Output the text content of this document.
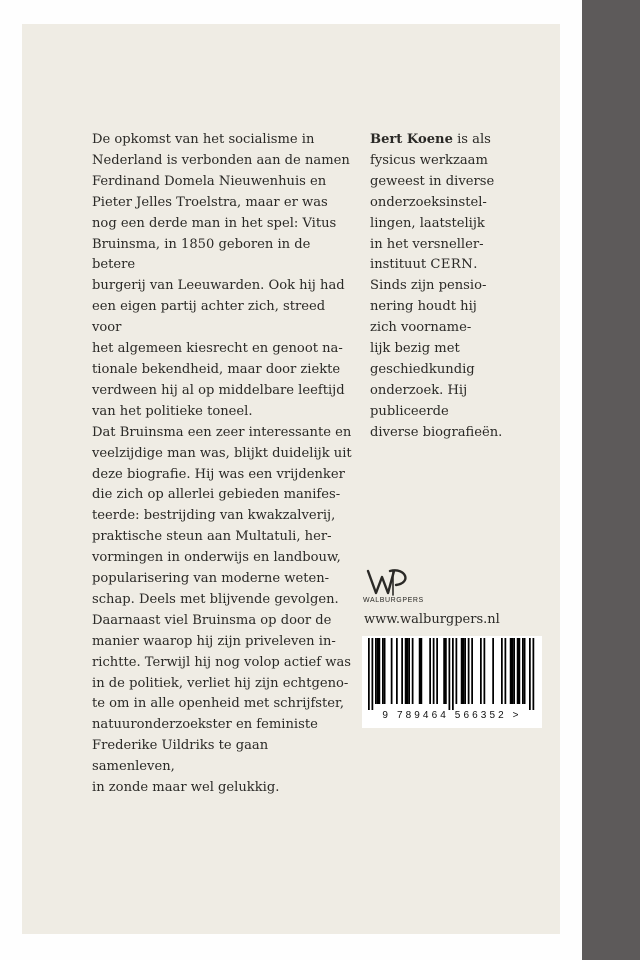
De opkomst van het socialisme in
Nederland is verbonden aan de namen
Ferdinand Domela Nieuwenhuis en
Pieter Jelles Troelstra, maar er was
nog een derde man in het spel: Vitus
Bruinsma, in 1850 geboren in de betere
burgerij van Leeuwarden. Ook hij had
een eigen partij achter zich, streed voor
het algemeen kiesrecht en genoot na-
tionale bekendheid, maar door ziekte
verdween hij al op middelbare leeftijd
van het politieke toneel.

Dat Bruinsma een zeer interessante en
veelzijdige man was, blijkt duidelijk uit
deze biografie. Hij was een vrijdenker
die zich op allerlei gebieden manifes-
teerde: bestrijding van kwakzalverij,
praktische steun aan Multatuli, her-
vormingen in onderwijs en landbouw,
popularisering van moderne weten-
schap. Deels met blijvende gevolgen.

Daarnaast viel Bruinsma op door de
manier waarop hij zijn priveleven in-
richtte. Terwijl hij nog volop actief was
in de politiek, verliet hij zijn echtgeno-
te om in alle openheid met schrijfster,
natuuronderzoekster en feministe
Frederike Uildriks te gaan samenleven,
in zonde maar wel gelukkig.

Bert Koene is als
fysicus werkzaam
geweest in diverse
onderzoeksinstel-
lingen, laatstelijk
in het versneller-
instituut CERN.
Sinds zijn pensio-
nering houdt hij
zich voorname-
lijk bezig met
geschiedkundig
onderzoek. Hij
publiceerde
diverse biografieën.
WALBURGPERS
www.walburgpers.nl
9 789464 566352 >
